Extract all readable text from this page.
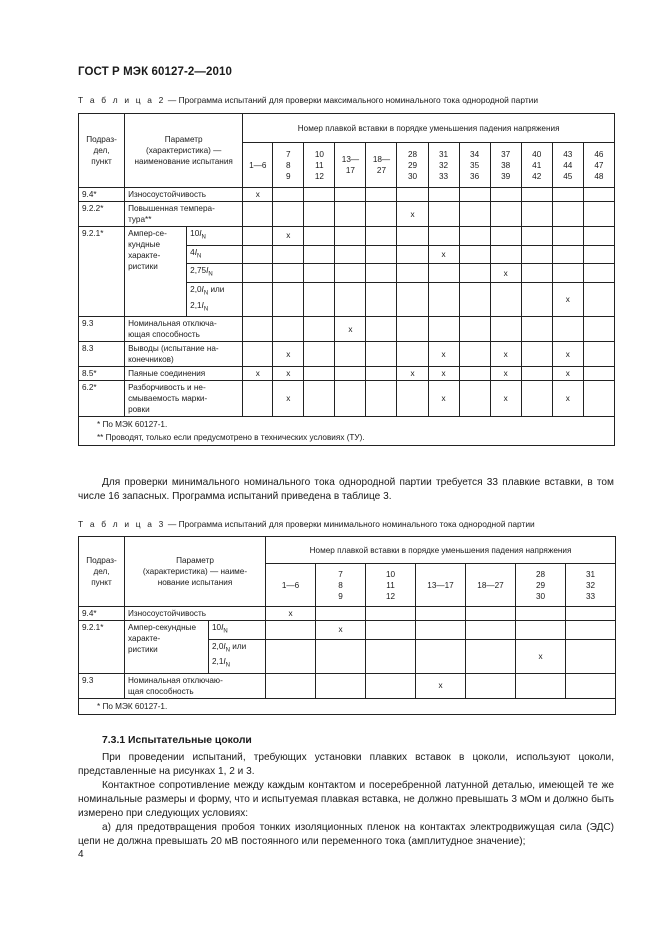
ГОСТ Р МЭК 60127-2—2010
Т а б л и ц а 2 — Программа испытаний для проверки максимального номинального тока однородной партии
Подраз-
дел,
пункт	Параметр
(характеристика) —
наименование испытания		Номер плавкой вставки в порядке уменьшения падения напряжения											
			1—6	7
8
9	10
11
12	13—
17	18—
27	28
29
30	31
32
33	34
35
36	37
38
39	40
41
42	43
44
45	46
47
48
9.4*	Износоустойчивость		x											
9.2.2*	Повышенная темпера-
тура**							x						
9.2.1*	Ампер-се-
кундные
характе-
ристики	$10I_N$		x										
		$4I_N$							x					
		$2,75I_N$									x			
		$2,0I_N$ или
$2,1I_N$											x	
9.3	Номинальная отключа-
ющая способность					x								
8.3	Выводы (испытание на-
конечников)			x					x		x		x	
8.5*	Паяные соединения		x	x				x	x		x		x	
6.2*	Разборчивость и не-
смываемость марки-
ровки			x					x		x		x	

* По МЭК 60127-1.
** Проводят, только если предусмотрено в технических условиях (ТУ).														
Для проверки минимального номинального тока однородной партии требуется 33 плавкие вставки, в том числе 16 запасных. Программа испытаний приведена в таблице 3.
Т а б л и ц а 3 — Программа испытаний для проверки минимального номинального тока однородной партии
Подраз-
дел,
пункт	Параметр
(характеристика) — наиме-
нование испытания		Номер плавкой вставки в порядке уменьшения падения напряжения						
			1—6	7
8
9	10
11
12	13—17	18—27	28
29
30	31
32
33
9.4*	Износоустойчивость		x						
9.2.1*	Ампер-секундные
характе-
ристики	$10I_N$		x					
		$2,0I_N$ или
$2,1I_N$						x	
9.3	Номинальная отключаю-
щая способность					x			

* По МЭК 60127-1.									
7.3.1 Испытательные цоколи
При проведении испытаний, требующих установки плавких вставок в цоколи, используют цоколи, представленные на рисунках 1, 2 и 3.
Контактное сопротивление между каждым контактом и посеребренной латунной деталью, имеющей те же номинальные размеры и форму, что и испытуемая плавкая вставка, не должно превышать 3 мОм и должно быть измерено при следующих условиях:
а) для предотвращения пробоя тонких изоляционных пленок на контактах электродвижущая сила (ЭДС) цепи не должна превышать 20 мВ постоянного или переменного тока (амплитудное значение);
4
